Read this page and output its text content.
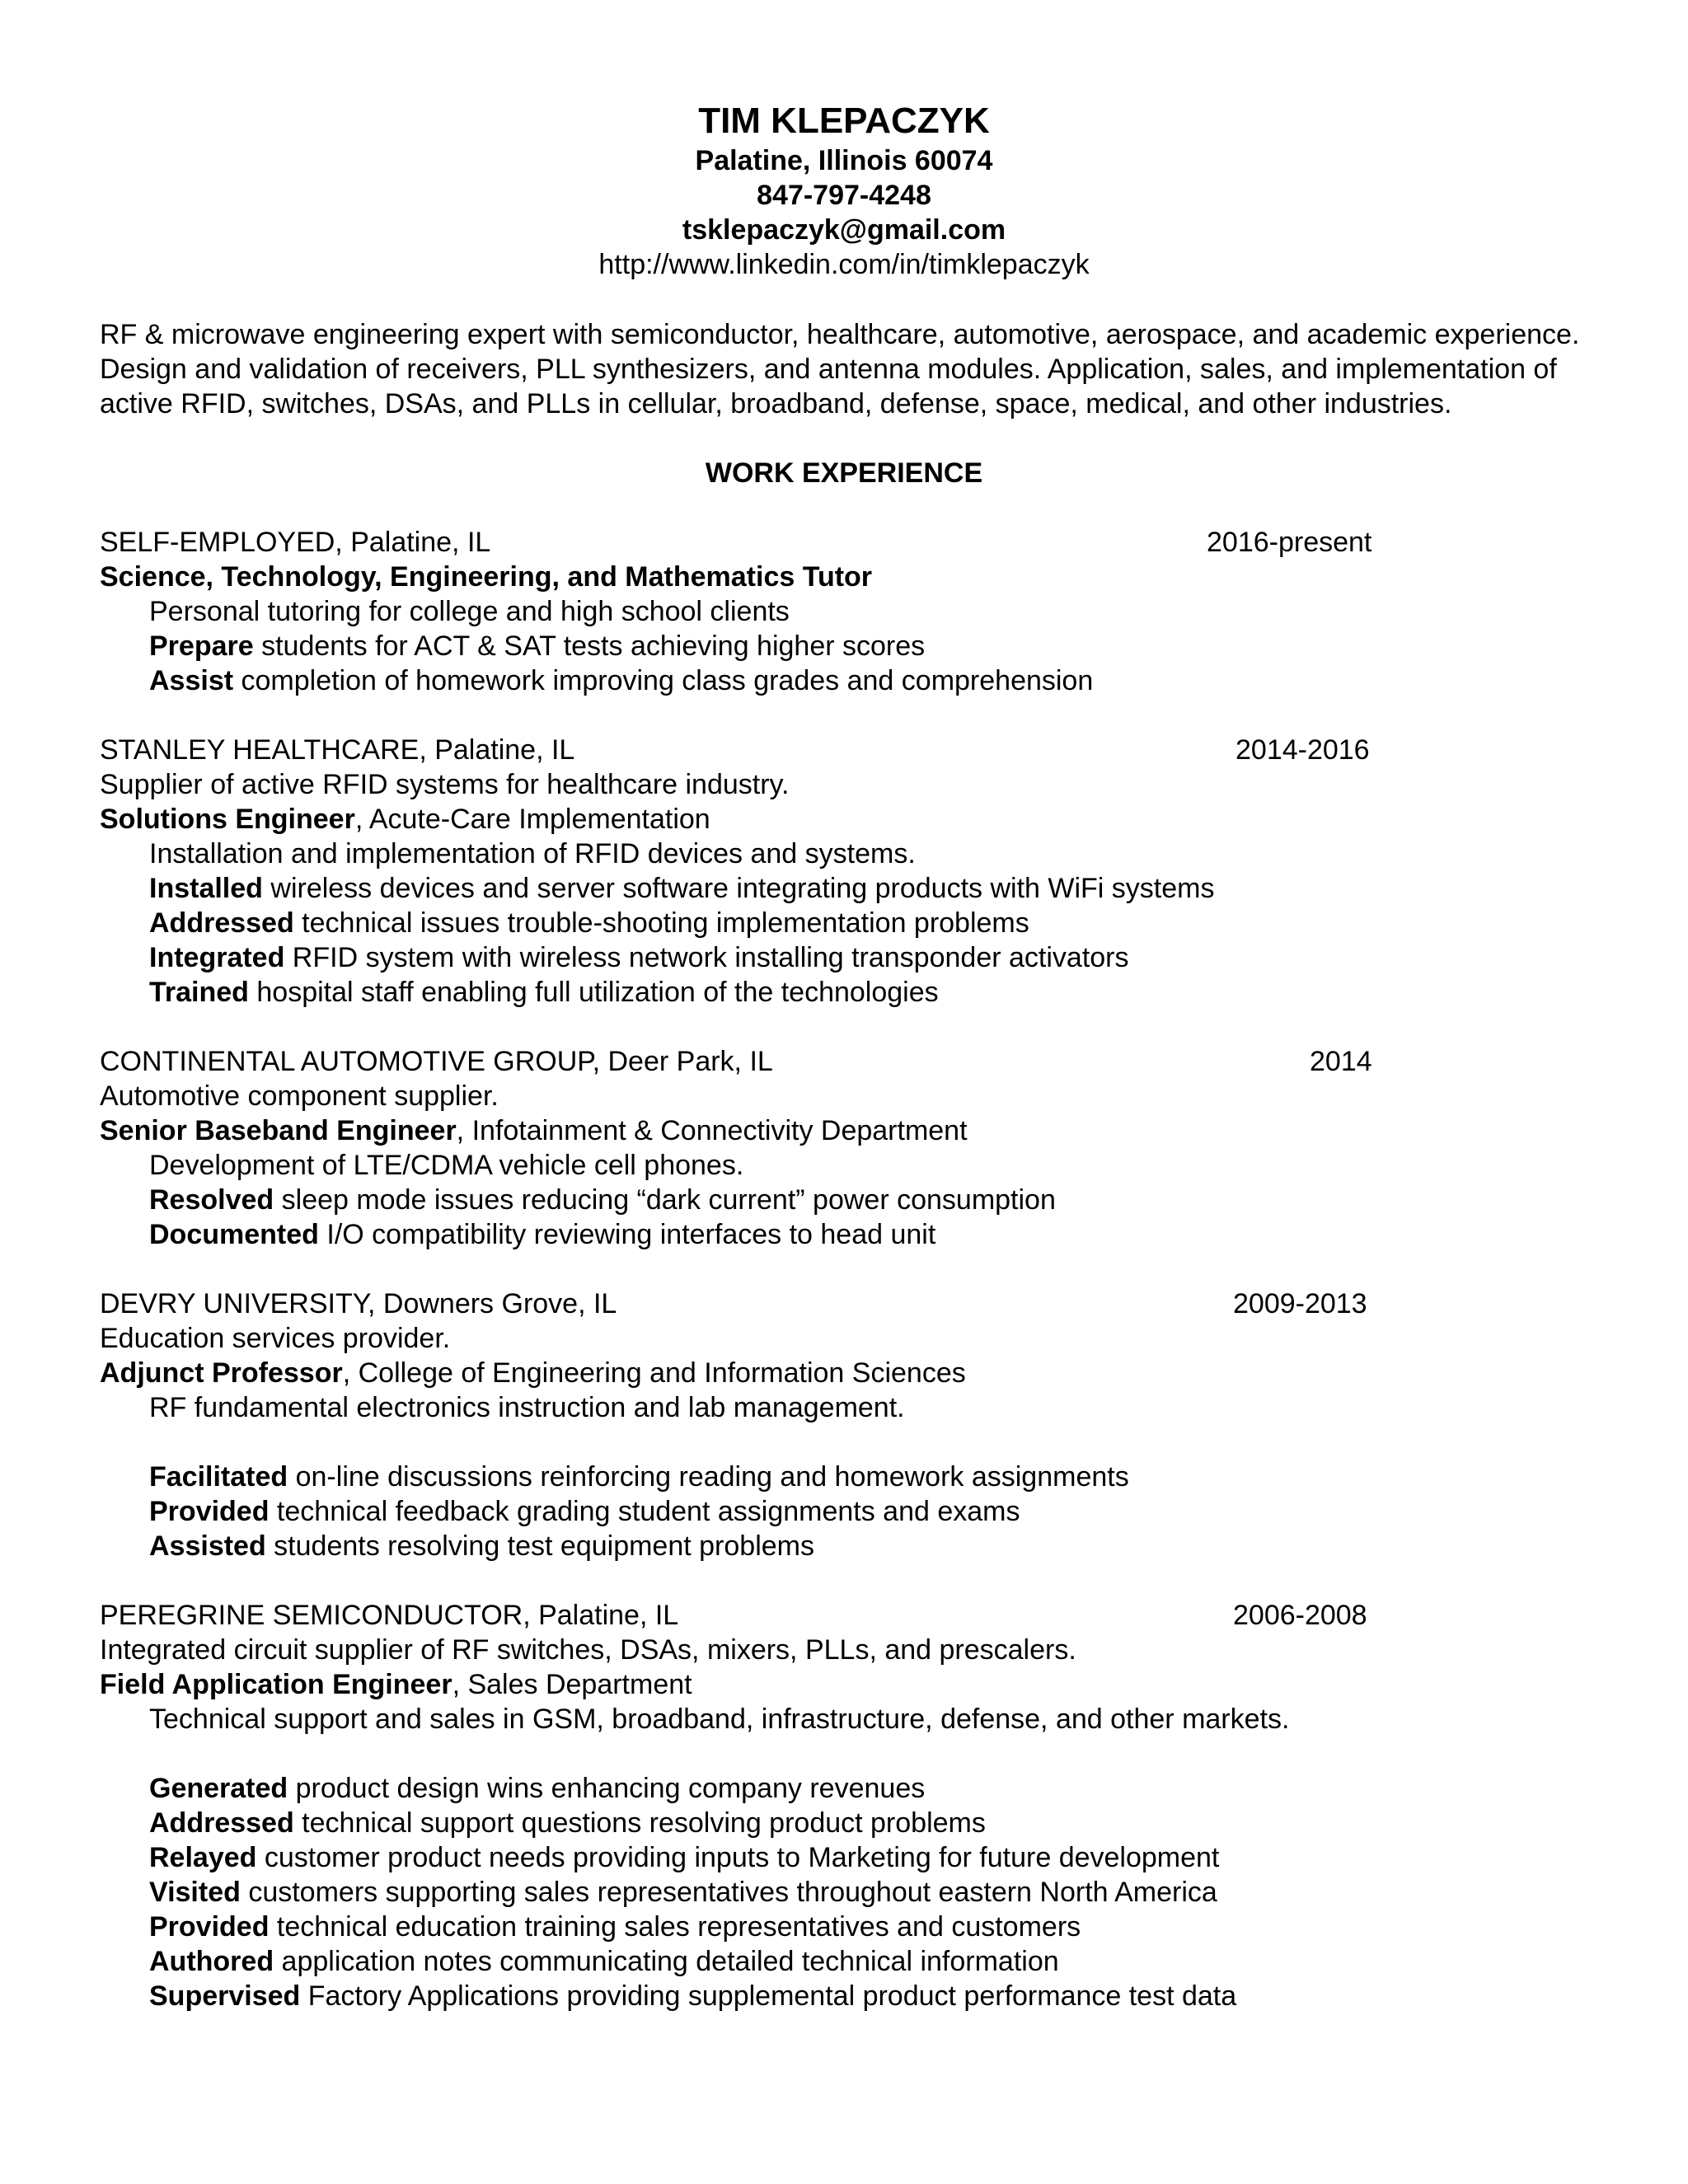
TIM KLEPACZYK
Palatine, Illinois 60074
847-797-4248
tsklepaczyk@gmail.com
http://www.linkedin.com/in/timklepaczyk
RF & microwave engineering expert with semiconductor, healthcare, automotive, aerospace, and academic experience. Design and validation of receivers, PLL synthesizers, and antenna modules. Application, sales, and implementation of active RFID, switches, DSAs, and PLLs in cellular, broadband, defense, space, medical, and other industries.
WORK EXPERIENCE
SELF-EMPLOYED, Palatine, IL	2016-present
Science, Technology, Engineering, and Mathematics Tutor
Personal tutoring for college and high school clients
Prepare students for ACT & SAT tests achieving higher scores
Assist completion of homework improving class grades and comprehension
STANLEY HEALTHCARE, Palatine, IL	2014-2016
Supplier of active RFID systems for healthcare industry.
Solutions Engineer, Acute-Care Implementation
Installation and implementation of RFID devices and systems.
Installed wireless devices and server software integrating products with WiFi systems
Addressed technical issues trouble-shooting implementation problems
Integrated RFID system with wireless network installing transponder activators
Trained hospital staff enabling full utilization of the technologies
CONTINENTAL AUTOMOTIVE GROUP, Deer Park, IL	2014
Automotive component supplier.
Senior Baseband Engineer, Infotainment & Connectivity Department
Development of LTE/CDMA vehicle cell phones.
Resolved sleep mode issues reducing “dark current” power consumption
Documented I/O compatibility reviewing interfaces to head unit
DEVRY UNIVERSITY, Downers Grove, IL	2009-2013
Education services provider.
Adjunct Professor, College of Engineering and Information Sciences
RF fundamental electronics instruction and lab management.
Facilitated on-line discussions reinforcing reading and homework assignments
Provided technical feedback grading student assignments and exams
Assisted students resolving test equipment problems
PEREGRINE SEMICONDUCTOR, Palatine, IL	2006-2008
Integrated circuit supplier of RF switches, DSAs, mixers, PLLs, and prescalers.
Field Application Engineer, Sales Department
Technical support and sales in GSM, broadband, infrastructure, defense, and other markets.
Generated product design wins enhancing company revenues
Addressed technical support questions resolving product problems
Relayed customer product needs providing inputs to Marketing for future development
Visited customers supporting sales representatives throughout eastern North America
Provided technical education training sales representatives and customers
Authored application notes communicating detailed technical information
Supervised Factory Applications providing supplemental product performance test data
